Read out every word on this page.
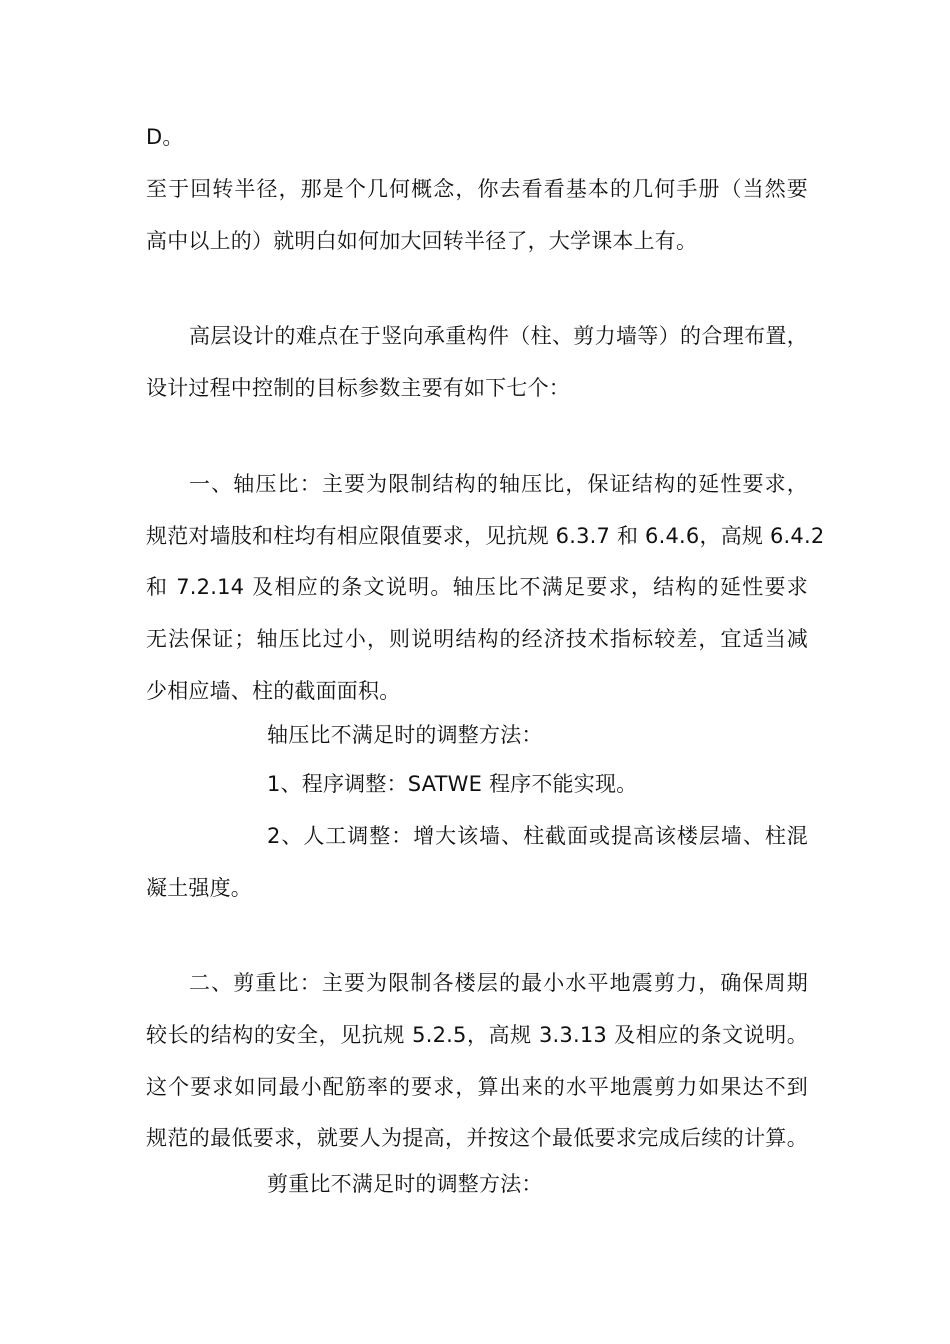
D。
至于回转半径，那是个几何概念，你去看看基本的几何手册（当然要
高中以上的）就明白如何加大回转半径了，大学课本上有。
高层设计的难点在于竖向承重构件（柱、剪力墙等）的合理布置，
设计过程中控制的目标参数主要有如下七个：
一、轴压比：主要为限制结构的轴压比，保证结构的延性要求，
规范对墙肢和柱均有相应限值要求，见抗规 6.3.7 和 6.4.6，高规 6.4.2
和 7.2.14 及相应的条文说明。轴压比不满足要求，结构的延性要求
无法保证；轴压比过小，则说明结构的经济技术指标较差，宜适当减
少相应墙、柱的截面面积。
轴压比不满足时的调整方法：
1、程序调整：SATWE 程序不能实现。
2、人工调整：增大该墙、柱截面或提高该楼层墙、柱混
凝土强度。
二、剪重比：主要为限制各楼层的最小水平地震剪力，确保周期
较长的结构的安全，见抗规 5.2.5，高规 3.3.13 及相应的条文说明。
这个要求如同最小配筋率的要求，算出来的水平地震剪力如果达不到
规范的最低要求，就要人为提高，并按这个最低要求完成后续的计算。
剪重比不满足时的调整方法：
